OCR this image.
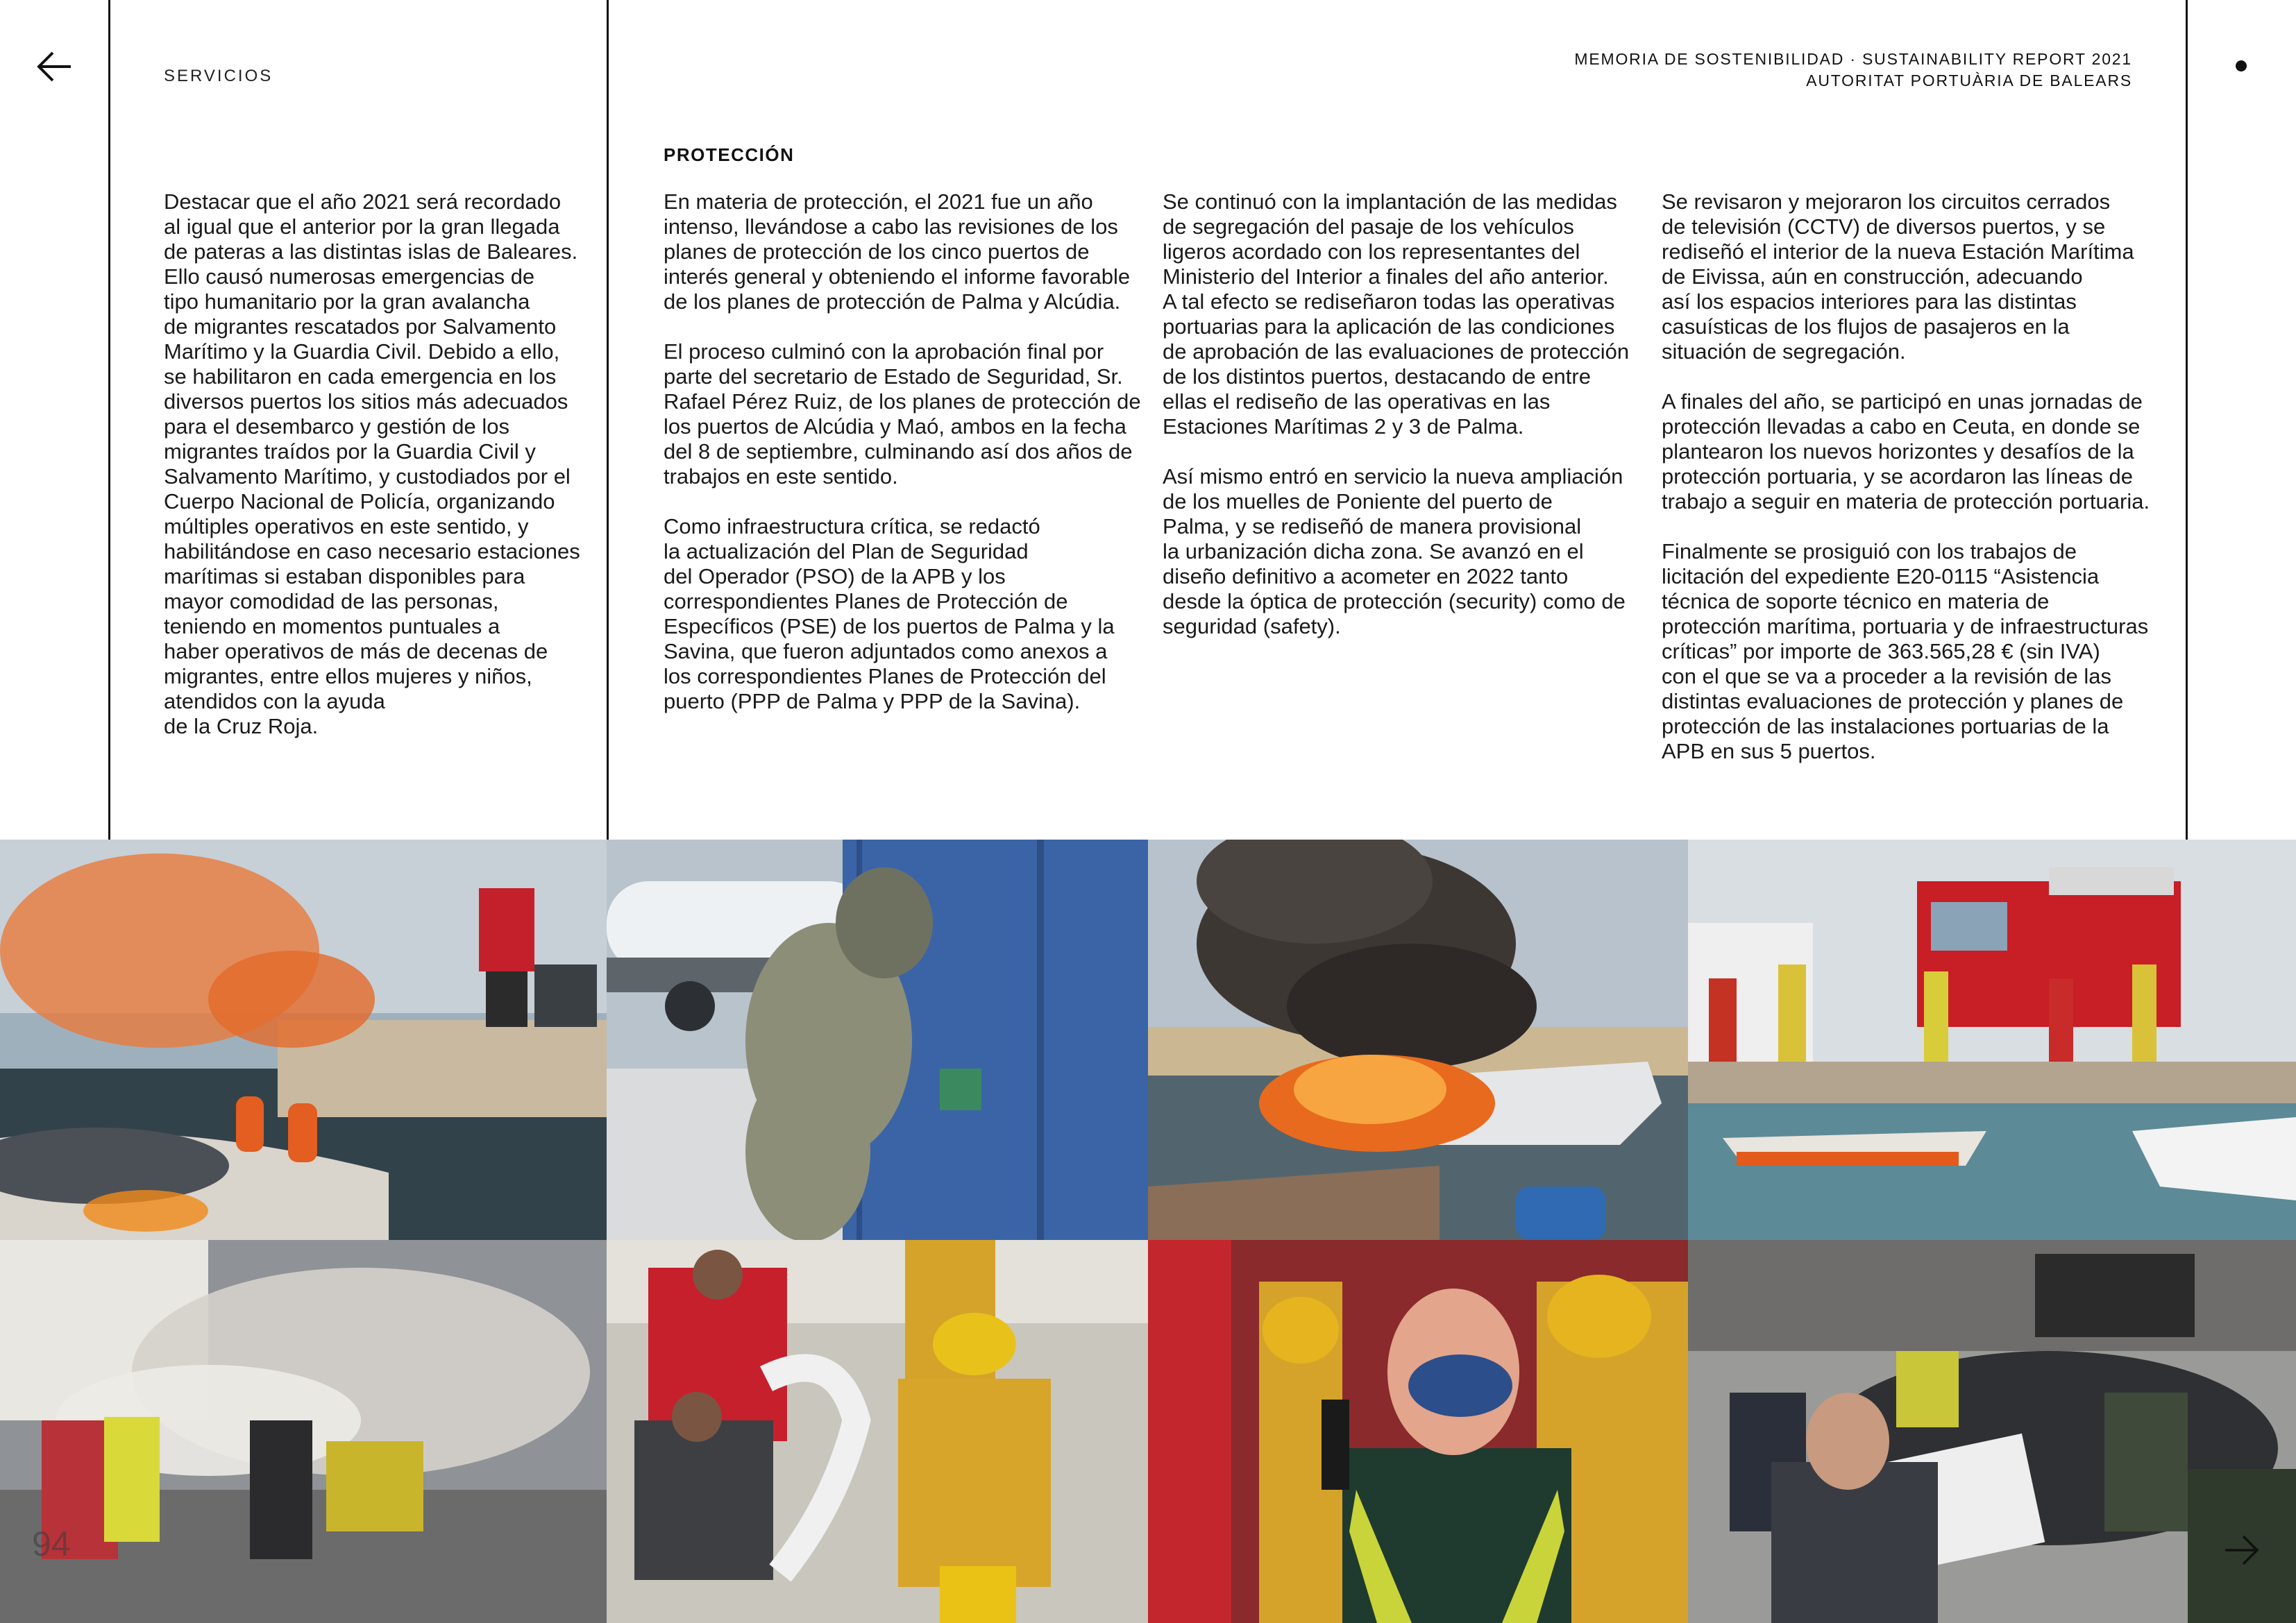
SERVICIOS
MEMORIA DE SOSTENIBILIDAD · SUSTAINABILITY REPORT 2021
AUTORITAT PORTUÀRIA DE BALEARS
PROTECCIÓN

Destacar que el año 2021 será recordado
al igual que el anterior por la gran llegada
de pateras a las distintas islas de Baleares.
Ello causó numerosas emergencias de
tipo humanitario por la gran avalancha
de migrantes rescatados por Salvamento
Marítimo y la Guardia Civil. Debido a ello,
se habilitaron en cada emergencia en los
diversos puertos los sitios más adecuados
para el desembarco y gestión de los
migrantes traídos por la Guardia Civil y
Salvamento Marítimo, y custodiados por el
Cuerpo Nacional de Policía, organizando
múltiples operativos en este sentido, y
habilitándose en caso necesario estaciones
marítimas si estaban disponibles para
mayor comodidad de las personas,
teniendo en momentos puntuales a
haber operativos de más de decenas de
migrantes, entre ellos mujeres y niños,
atendidos con la ayuda
de la Cruz Roja.

En materia de protección, el 2021 fue un año
intenso, llevándose a cabo las revisiones de los
planes de protección de los cinco puertos de
interés general y obteniendo el informe favorable
de los planes de protección de Palma y Alcúdia.

El proceso culminó con la aprobación final por
parte del secretario de Estado de Seguridad, Sr.
Rafael Pérez Ruiz, de los planes de protección de
los puertos de Alcúdia y Maó, ambos en la fecha
del 8 de septiembre, culminando así dos años de
trabajos en este sentido.

Como infraestructura crítica, se redactó
la actualización del Plan de Seguridad
del Operador (PSO) de la APB y los
correspondientes Planes de Protección de
Específicos (PSE) de los puertos de Palma y la
Savina, que fueron adjuntados como anexos a
los correspondientes Planes de Protección del
puerto (PPP de Palma y PPP de la Savina).

Se continuó con la implantación de las medidas
de segregación del pasaje de los vehículos
ligeros acordado con los representantes del
Ministerio del Interior a finales del año anterior.
A tal efecto se rediseñaron todas las operativas
portuarias para la aplicación de las condiciones
de aprobación de las evaluaciones de protección
de los distintos puertos, destacando de entre
ellas el rediseño de las operativas en las
Estaciones Marítimas 2 y 3 de Palma.

Así mismo entró en servicio la nueva ampliación
de los muelles de Poniente del puerto de
Palma, y se rediseñó de manera provisional
la urbanización dicha zona. Se avanzó en el
diseño definitivo a acometer en 2022 tanto
desde la óptica de protección (security) como de
seguridad (safety).

Se revisaron y mejoraron los circuitos cerrados
de televisión (CCTV) de diversos puertos, y se
rediseñó el interior de la nueva Estación Marítima
de Eivissa, aún en construcción, adecuando
así los espacios interiores para las distintas
casuísticas de los flujos de pasajeros en la
situación de segregación.

A finales del año, se participó en unas jornadas de
protección llevadas a cabo en Ceuta, en donde se
plantearon los nuevos horizontes y desafíos de la
protección portuaria, y se acordaron las líneas de
trabajo a seguir en materia de protección portuaria.

Finalmente se prosiguió con los trabajos de
licitación del expediente E20-0115 “Asistencia
técnica de soporte técnico en materia de
protección marítima, portuaria y de infraestructuras
críticas” por importe de 363.565,28 € (sin IVA)
con el que se va a proceder a la revisión de las
distintas evaluaciones de protección y planes de
protección de las instalaciones portuarias de la
APB en sus 5 puertos.

94
